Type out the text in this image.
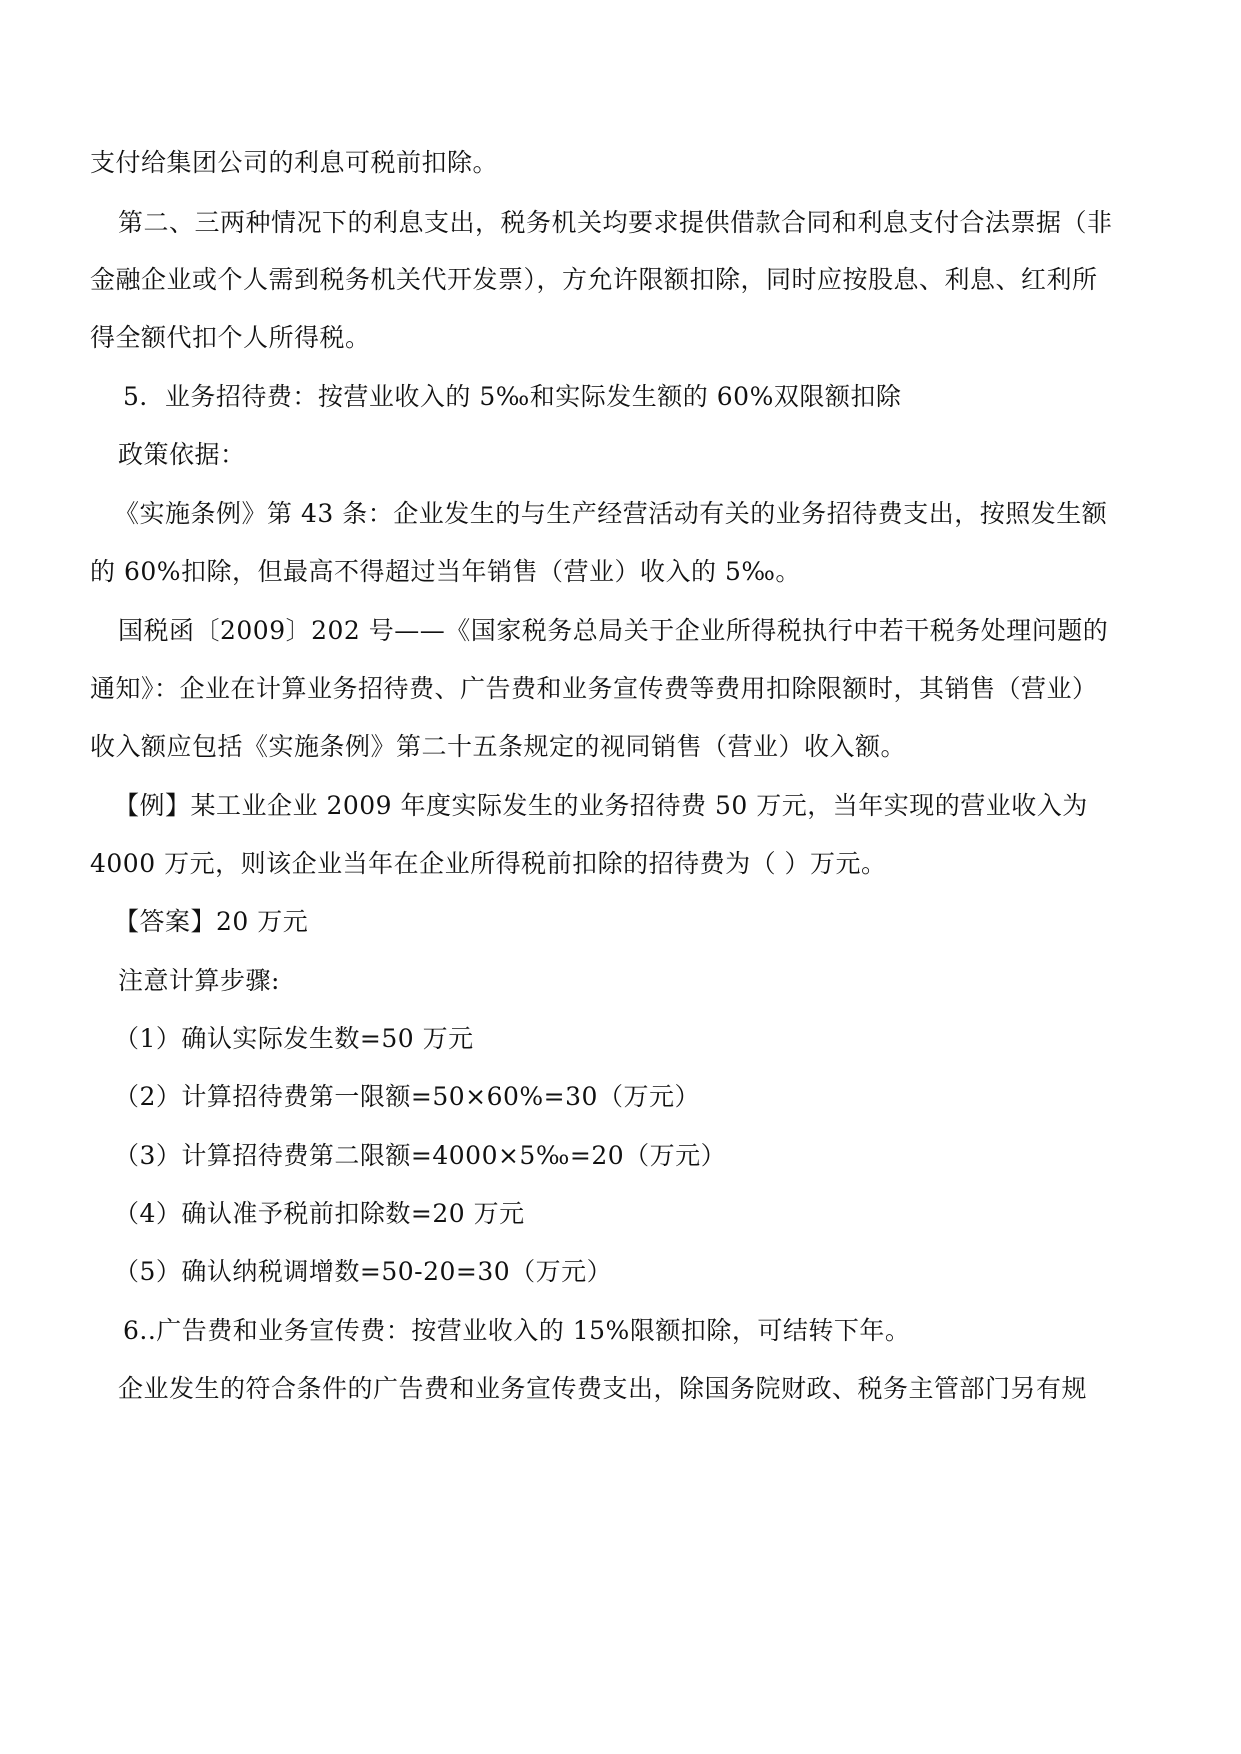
支付给集团公司的利息可税前扣除。
第二、三两种情况下的利息支出，税务机关均要求提供借款合同和利息支付合法票据（非
金融企业或个人需到税务机关代开发票），方允许限额扣除，同时应按股息、利息、红利所
得全额代扣个人所得税。
5．业务招待费：按营业收入的 5‰和实际发生额的 60%双限额扣除
政策依据：
《实施条例》第 43 条：企业发生的与生产经营活动有关的业务招待费支出，按照发生额
的 60%扣除，但最高不得超过当年销售（营业）收入的 5‰。
国税函〔2009〕202 号——《国家税务总局关于企业所得税执行中若干税务处理问题的
通知》：企业在计算业务招待费、广告费和业务宣传费等费用扣除限额时，其销售（营业）
收入额应包括《实施条例》第二十五条规定的视同销售（营业）收入额。
【例】某工业企业 2009 年度实际发生的业务招待费 50 万元，当年实现的营业收入为
4000 万元，则该企业当年在企业所得税前扣除的招待费为（ ）万元。
【答案】20 万元
注意计算步骤:
（1）确认实际发生数=50 万元
（2）计算招待费第一限额=50×60%=30（万元）
（3）计算招待费第二限额=4000×5‰=20（万元）
（4）确认准予税前扣除数=20 万元
（5）确认纳税调增数=50-20=30（万元）
6..广告费和业务宣传费：按营业收入的 15%限额扣除，可结转下年。
企业发生的符合条件的广告费和业务宣传费支出，除国务院财政、税务主管部门另有规
